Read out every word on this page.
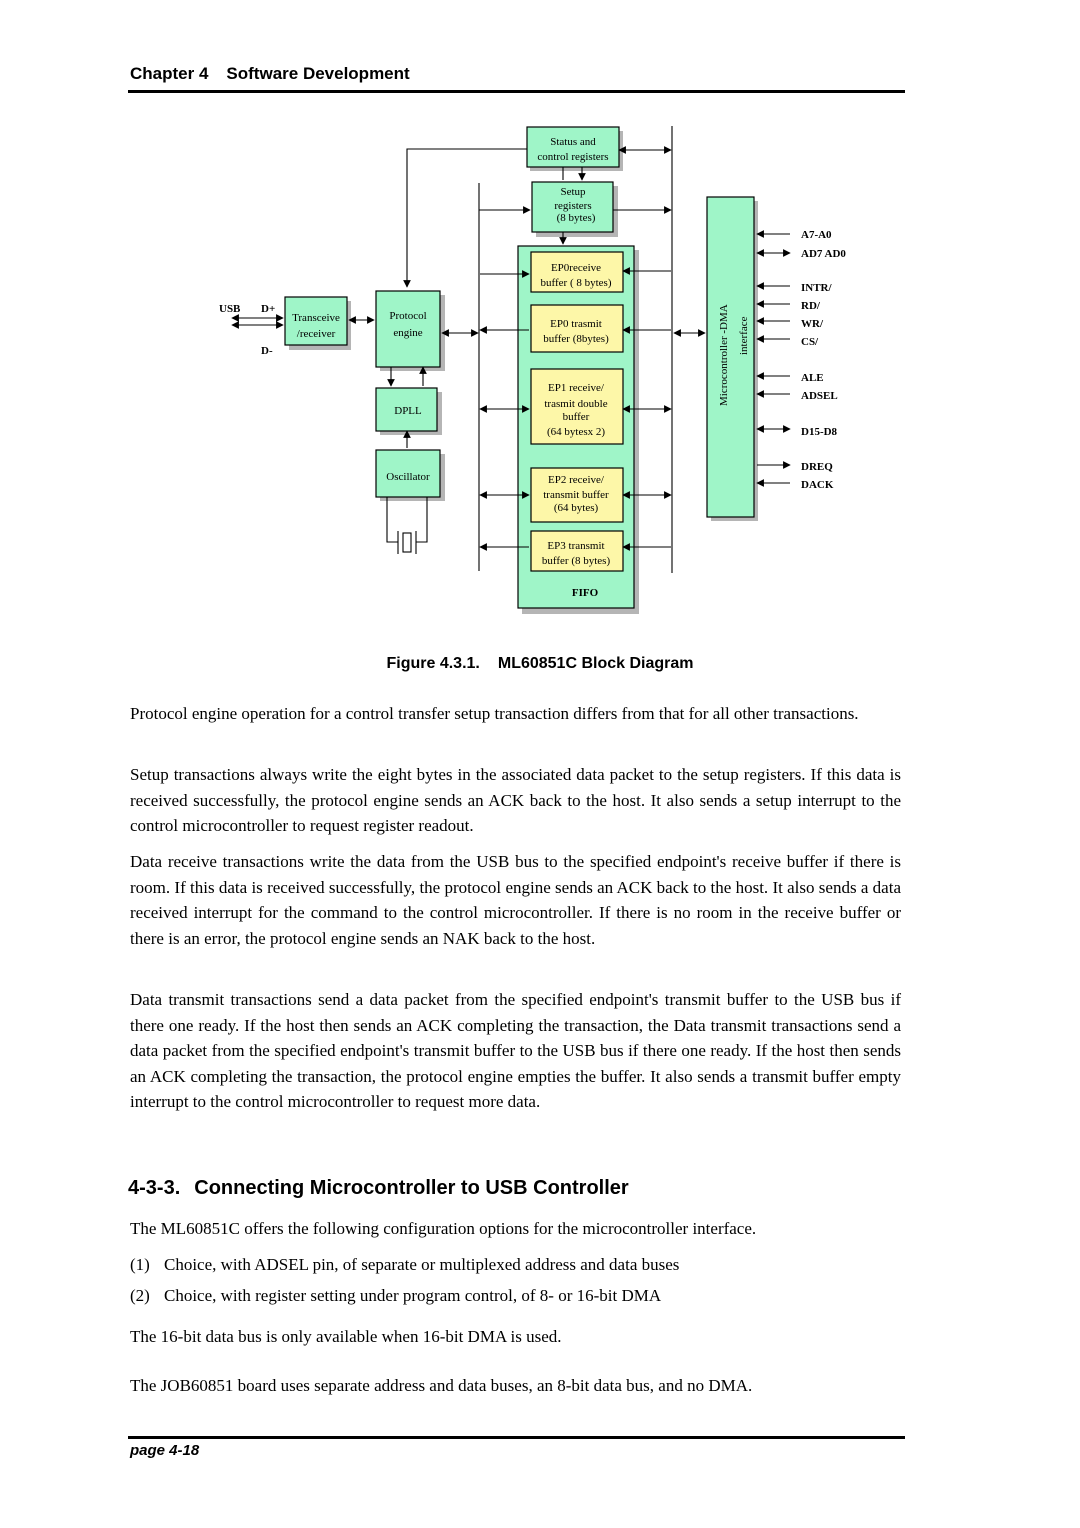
Chapter 4 Software Development
Status and
control registers
Setup
registers
(8 bytes)
EP0receive
buffer ( 8 bytes)
EP0 trasmit
buffer (8bytes)
EP1 receive/
trasmit double
buffer
(64 bytesx 2)
EP2 receive/
transmit buffer
(64 bytes)
EP3 transmit
buffer (8 bytes)
Transceive
/receiver
Protocol
engine
DPLL
Oscillator
FIFO
Microcontroller -DMA interface
USB D+
D-
A7-A0
AD7 AD0
INTR/
RD/
WR/
CS/
ALE
ADSEL
D15-D8
DREQ
DACK
Figure 4.3.1. ML60851C Block Diagram

Protocol engine operation for a control transfer setup transaction differs from that for all other transactions.

Setup transactions always write the eight bytes in the associated data packet to the setup registers. If this data is received successfully, the protocol engine sends an ACK back to the host. It also sends a setup interrupt to the control microcontroller to request register readout.

Data receive transactions write the data from the USB bus to the specified endpoint's receive buffer if there is room. If this data is received successfully, the protocol engine sends an ACK back to the host. It also sends a data received interrupt for the command to the control microcontroller. If there is no room in the receive buffer or there is an error, the protocol engine sends an NAK back to the host.

Data transmit transactions send a data packet from the specified endpoint's transmit buffer to the USB bus if there one ready. If the host then sends an ACK completing the transaction, the Data transmit transactions send a data packet from the specified endpoint's transmit buffer to the USB bus if there one ready. If the host then sends an ACK completing the transaction, the protocol engine empties the buffer. It also sends a transmit buffer empty interrupt to the control microcontroller to request more data.

4-3-3. Connecting Microcontroller to USB Controller

The ML60851C offers the following configuration options for the microcontroller interface.

(1) Choice, with ADSEL pin, of separate or multiplexed address and data buses

(2) Choice, with register setting under program control, of 8- or 16-bit DMA

The 16-bit data bus is only available when 16-bit DMA is used.

The JOB60851 board uses separate address and data buses, an 8-bit data bus, and no DMA.

page 4-18
